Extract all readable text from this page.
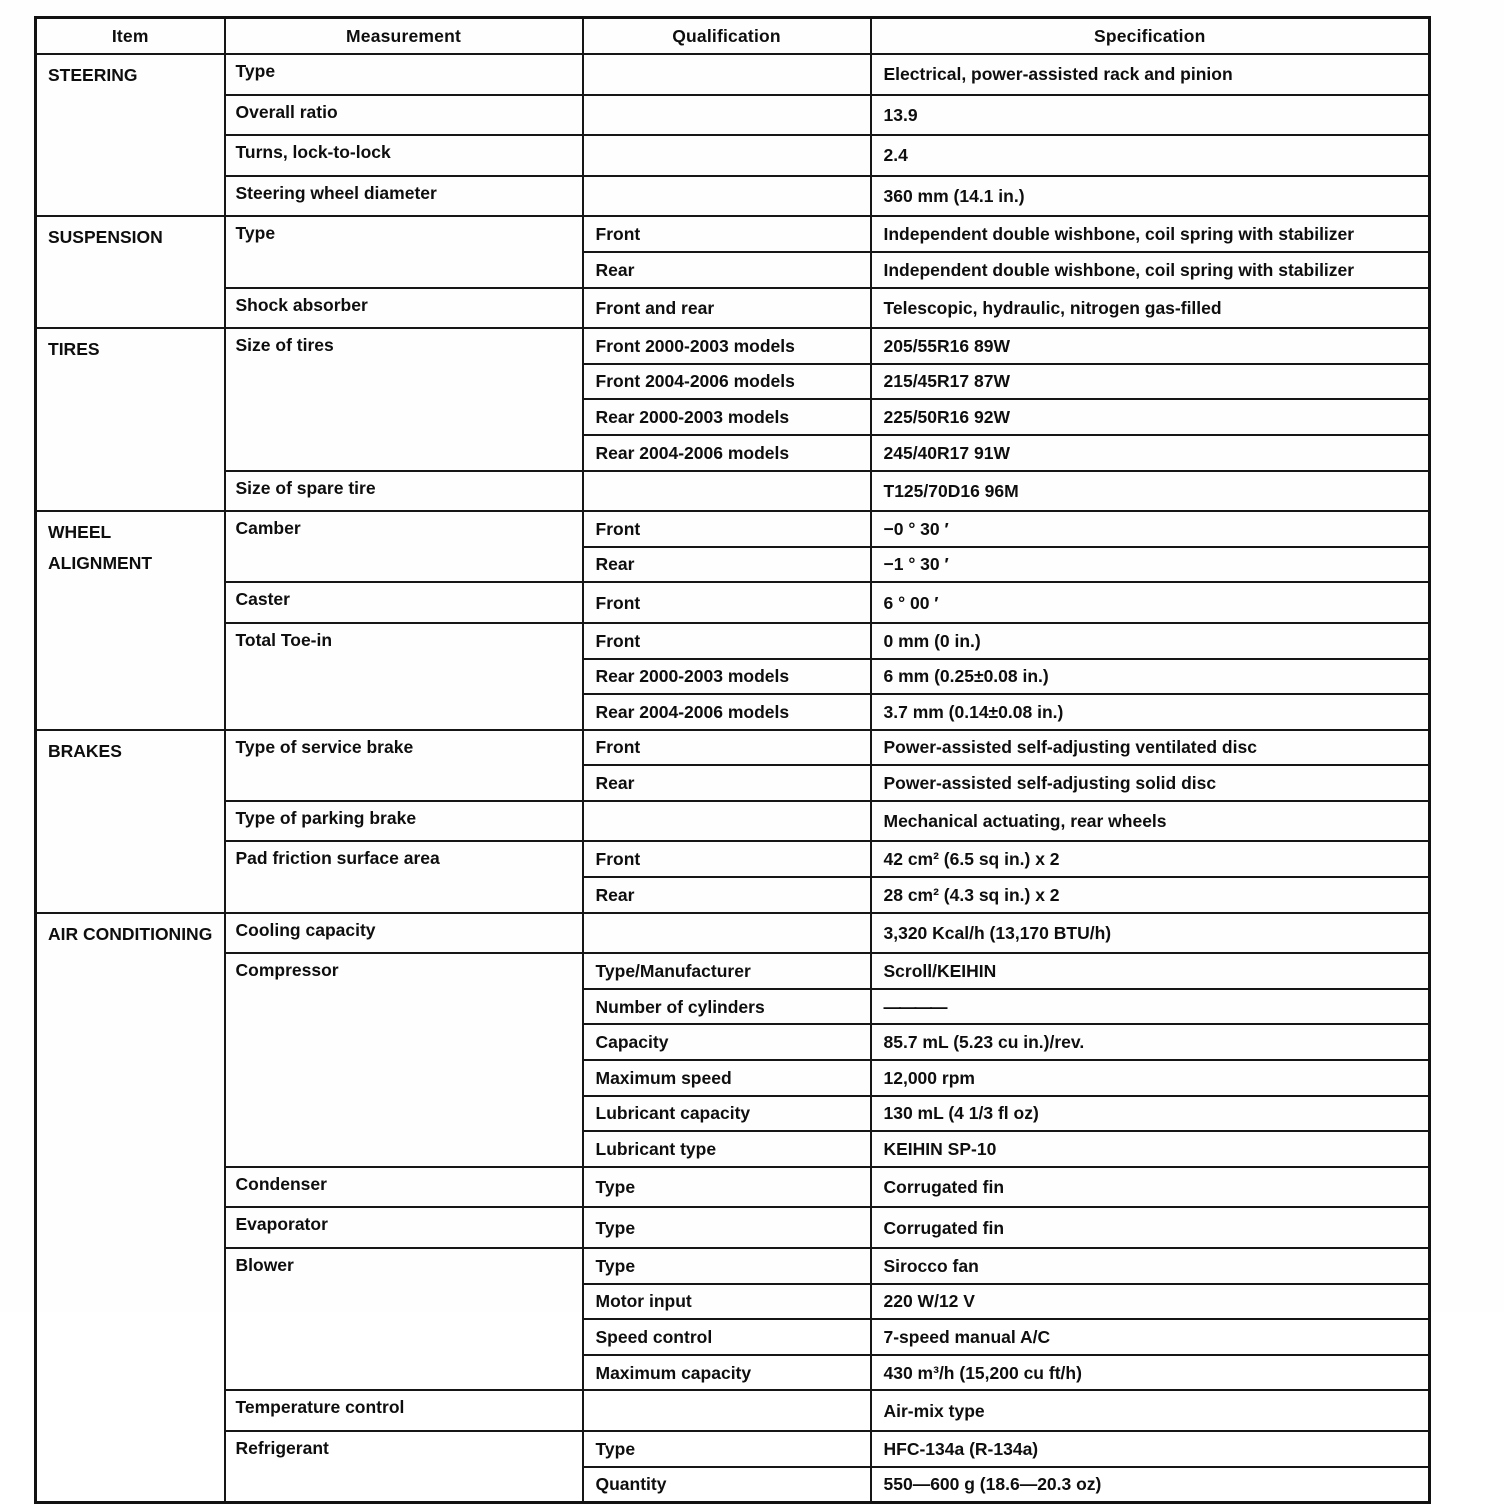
Item	Measurement	Qualification	Specification
STEERING	Type		Electrical, power-assisted rack and pinion
	Overall ratio		13.9
	Turns, lock-to-lock		2.4
	Steering wheel diameter		360 mm (14.1 in.)
SUSPENSION	Type	Front	Independent double wishbone, coil spring with stabilizer
		Rear	Independent double wishbone, coil spring with stabilizer
	Shock absorber	Front and rear	Telescopic, hydraulic, nitrogen gas-filled
TIRES	Size of tires	Front 2000-2003 models	205/55R16 89W
		Front 2004-2006 models	215/45R17 87W
		Rear 2000-2003 models	225/50R16 92W
		Rear 2004-2006 models	245/40R17 91W
	Size of spare tire		T125/70D16 96M
WHEEL ALIGNMENT	Camber	Front	−0 ° 30 ′
		Rear	−1 ° 30 ′
	Caster	Front	6 ° 00 ′
	Total Toe-in	Front	0 mm (0 in.)
		Rear 2000-2003 models	6 mm (0.25±0.08 in.)
		Rear 2004-2006 models	3.7 mm (0.14±0.08 in.)
BRAKES	Type of service brake	Front	Power-assisted self-adjusting ventilated disc
		Rear	Power-assisted self-adjusting solid disc
	Type of parking brake		Mechanical actuating, rear wheels
	Pad friction surface area	Front	42 cm² (6.5 sq in.) x 2
		Rear	28 cm² (4.3 sq in.) x 2
AIR CONDITIONING	Cooling capacity		3,320 Kcal/h (13,170 BTU/h)
	Compressor	Type/Manufacturer	Scroll/KEIHIN
		Number of cylinders	————
		Capacity	85.7 mL (5.23 cu in.)/rev.
		Maximum speed	12,000 rpm
		Lubricant capacity	130 mL (4 1/3 fl oz)
		Lubricant type	KEIHIN SP-10
	Condenser	Type	Corrugated fin
	Evaporator	Type	Corrugated fin
	Blower	Type	Sirocco fan
		Motor input	220 W/12 V
		Speed control	7-speed manual A/C
		Maximum capacity	430 m³/h (15,200 cu ft/h)
	Temperature control		Air-mix type
	Refrigerant	Type	HFC-134a (R-134a)
		Quantity	550—600 g (18.6—20.3 oz)
